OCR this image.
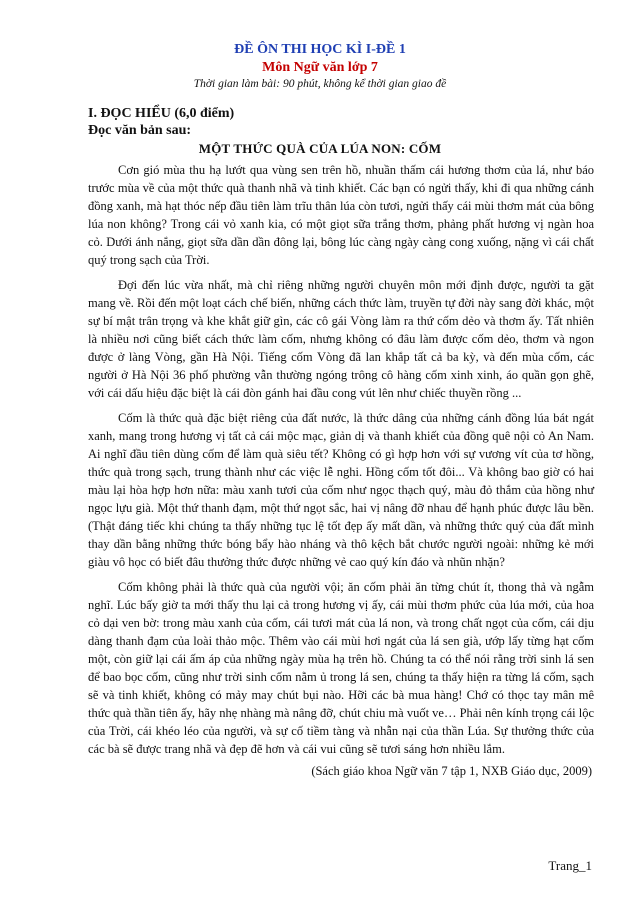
ĐỀ ÔN THI HỌC KÌ I-ĐỀ 1
Môn Ngữ văn lớp 7
Thời gian làm bài: 90 phút, không kể thời gian giao đề
I. ĐỌC HIỂU (6,0 điểm)
Đọc văn bản sau:
MỘT THỨC QUÀ CỦA LÚA NON: CỐM

Cơn gió mùa thu hạ lướt qua vùng sen trên hồ, nhuần thấm cái hương thơm của lá, như báo trước mùa về của một thức quà thanh nhã và tinh khiết. Các bạn có ngửi thấy, khi đi qua những cánh đồng xanh, mà hạt thóc nếp đầu tiên làm trĩu thân lúa còn tươi, ngửi thấy cái mùi thơm mát của bông lúa non không? Trong cái vỏ xanh kia, có một giọt sữa trắng thơm, phảng phất hương vị ngàn hoa cỏ. Dưới ánh nắng, giọt sữa dần dần đông lại, bông lúc càng ngày càng cong xuống, nặng vì cái chất quý trong sạch của Trời.

Đợi đến lúc vừa nhất, mà chỉ riêng những người chuyên môn mới định được, người ta gặt mang về. Rồi đến một loạt cách chế biến, những cách thức làm, truyền tự đời này sang đời khác, một sự bí mật trân trọng và khe khắt giữ gìn, các cô gái Vòng làm ra thứ cốm dẻo và thơm ấy. Tất nhiên là nhiều nơi cũng biết cách thức làm cốm, nhưng không có đâu làm được cốm dẻo, thơm và ngon được ở làng Vòng, gần Hà Nội. Tiếng cốm Vòng đã lan khắp tất cả ba kỳ, và đến mùa cốm, các người ở Hà Nội 36 phố phường vẫn thường ngóng trông cô hàng cốm xinh xinh, áo quần gọn ghẽ, với cái dấu hiệu đặc biệt là cái đòn gánh hai đầu cong vút lên như chiếc thuyền rồng ...

Cốm là thức quà đặc biệt riêng của đất nước, là thức dâng của những cánh đồng lúa bát ngát xanh, mang trong hương vị tất cả cái mộc mạc, giản dị và thanh khiết của đồng quê nội cỏ An Nam. Ai nghĩ đầu tiên dùng cốm để làm quà siêu tết? Không có gì hợp hơn với sự vương vít của tơ hồng, thức quà trong sạch, trung thành như các việc lễ nghi. Hồng cốm tốt đôi... Và không bao giờ có hai màu lại hòa hợp hơn nữa: màu xanh tươi của cốm như ngọc thạch quý, màu đỏ thắm của hồng như ngọc lựu già. Một thứ thanh đạm, một thứ ngọt sắc, hai vị nâng đỡ nhau để hạnh phúc được lâu bền. (Thật đáng tiếc khi chúng ta thấy những tục lệ tốt đẹp ấy mất dần, và những thức quý của đất mình thay dần bằng những thức bóng bẩy hào nháng và thô kệch bắt chước người ngoài: những kẻ mới giàu vô học có biết đâu thưởng thức được những vẻ cao quý kín đáo và nhũn nhặn?

Cốm không phải là thức quà của người vội; ăn cốm phải ăn từng chút ít, thong thả và ngẫm nghĩ. Lúc bấy giờ ta mới thấy thu lại cả trong hương vị ấy, cái mùi thơm phức của lúa mới, của hoa cỏ dại ven bờ: trong màu xanh của cốm, cái tươi mát của lá non, và trong chất ngọt của cốm, cái dịu dàng thanh đạm của loài thảo mộc. Thêm vào cái mùi hơi ngát của lá sen già, ướp lấy từng hạt cốm một, còn giữ lại cái ấm áp của những ngày mùa hạ trên hồ. Chúng ta có thể nói rằng trời sinh lá sen để bao bọc cốm, cũng như trời sinh cốm nằm ủ trong lá sen, chúng ta thấy hiện ra từng lá cốm, sạch sẽ và tinh khiết, không có mảy may chút bụi nào. Hỡi các bà mua hàng! Chớ có thọc tay mân mê thức quà thần tiên ấy, hãy nhẹ nhàng mà nâng đỡ, chút chiu mà vuốt ve… Phải nên kính trọng cái lộc của Trời, cái khéo léo của người, và sự cố tiềm tàng và nhẫn nại của thần Lúa. Sự thưởng thức của các bà sẽ được trang nhã và đẹp đẽ hơn và cái vui cũng sẽ tươi sáng hơn nhiều lắm.

(Sách giáo khoa Ngữ văn 7 tập 1, NXB Giáo dục, 2009)
Trang_1
